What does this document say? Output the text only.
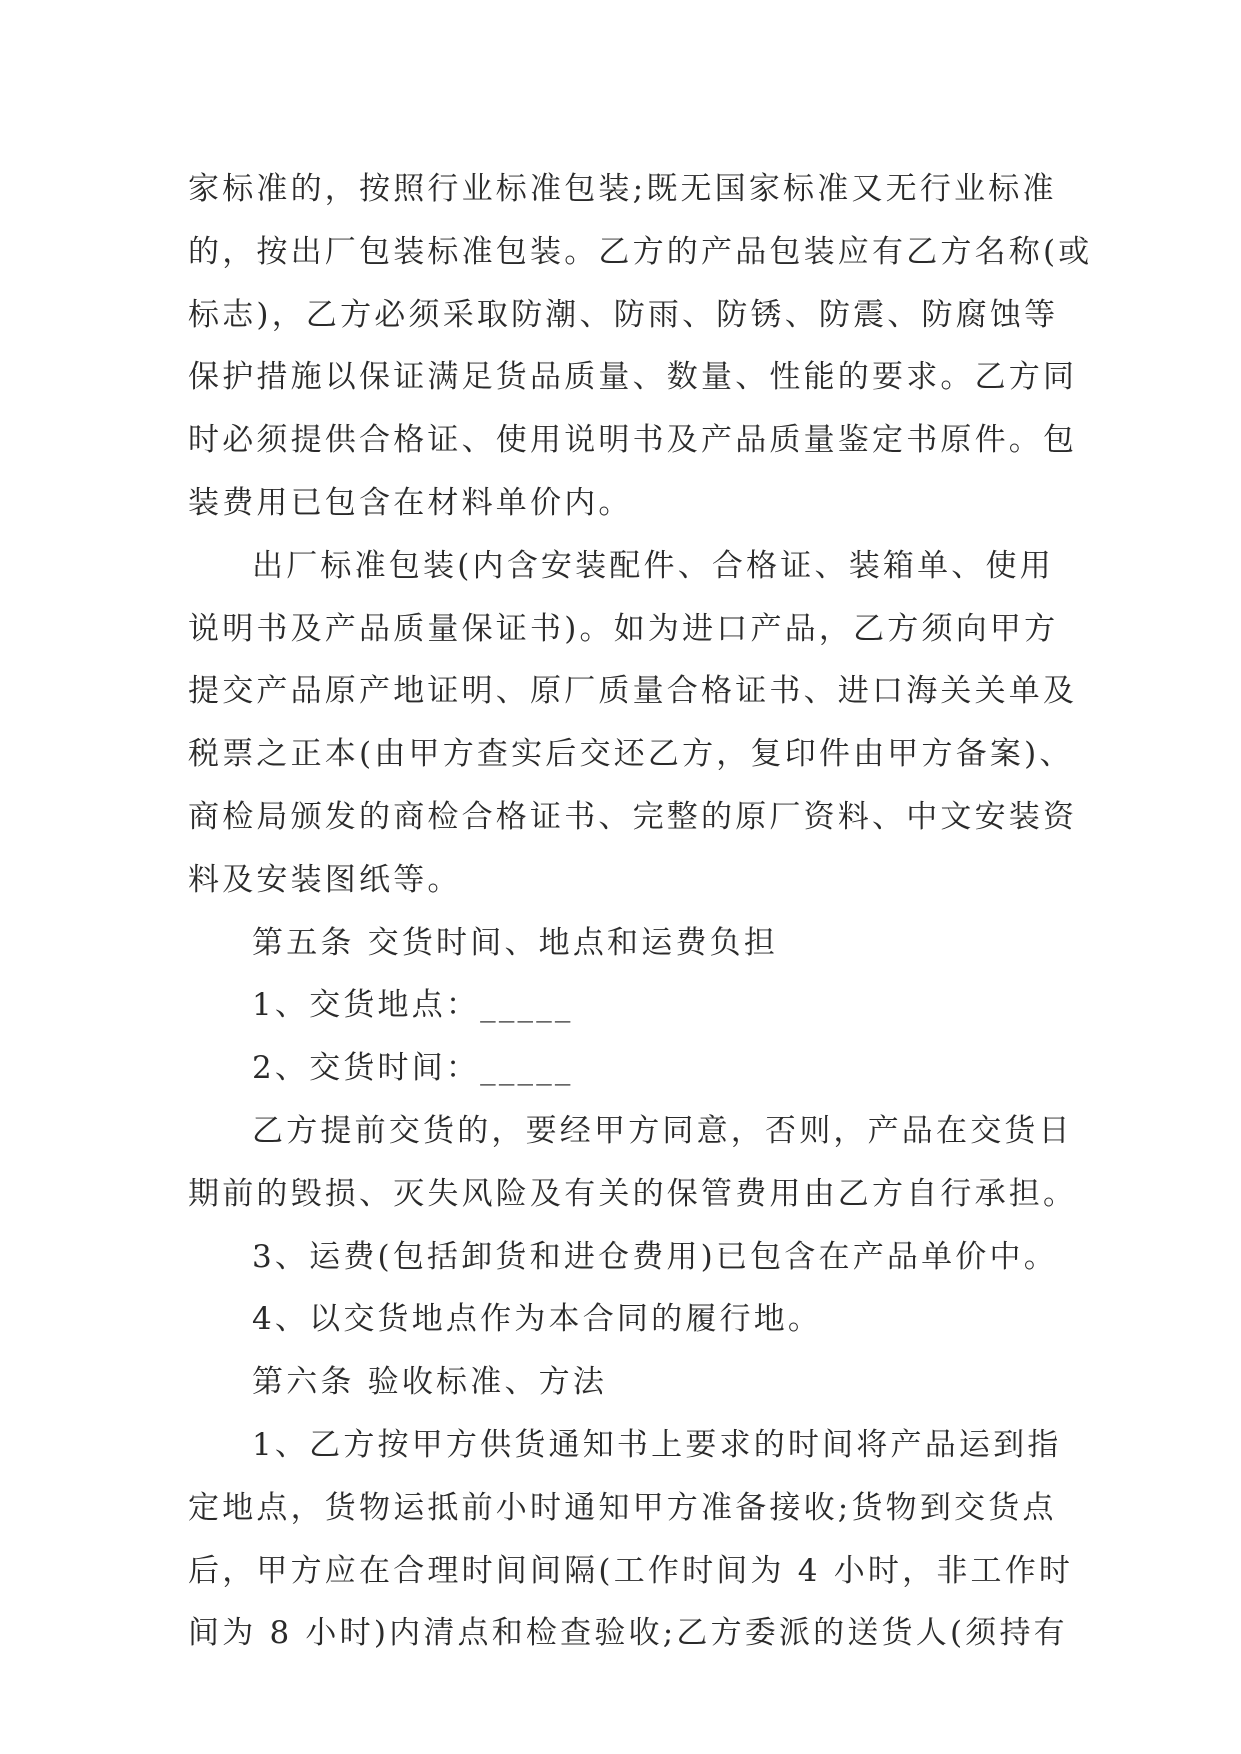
家标准的，按照行业标准包装;既无国家标准又无行业标准
的，按出厂包装标准包装。乙方的产品包装应有乙方名称(或
标志)，乙方必须采取防潮、防雨、防锈、防震、防腐蚀等
保护措施以保证满足货品质量、数量、性能的要求。乙方同
时必须提供合格证、使用说明书及产品质量鉴定书原件。包
装费用已包含在材料单价内。
出厂标准包装(内含安装配件、合格证、装箱单、使用
说明书及产品质量保证书)。如为进口产品，乙方须向甲方
提交产品原产地证明、原厂质量合格证书、进口海关关单及
税票之正本(由甲方查实后交还乙方，复印件由甲方备案)、
商检局颁发的商检合格证书、完整的原厂资料、中文安装资
料及安装图纸等。
第五条 交货时间、地点和运费负担
1、交货地点：_____
2、交货时间：_____
乙方提前交货的，要经甲方同意，否则，产品在交货日
期前的毁损、灭失风险及有关的保管费用由乙方自行承担。
3、运费(包括卸货和进仓费用)已包含在产品单价中。
4、以交货地点作为本合同的履行地。
第六条 验收标准、方法
1、乙方按甲方供货通知书上要求的时间将产品运到指
定地点，货物运抵前小时通知甲方准备接收;货物到交货点
后，甲方应在合理时间间隔(工作时间为 4 小时，非工作时
间为 8 小时)内清点和检查验收;乙方委派的送货人(须持有
